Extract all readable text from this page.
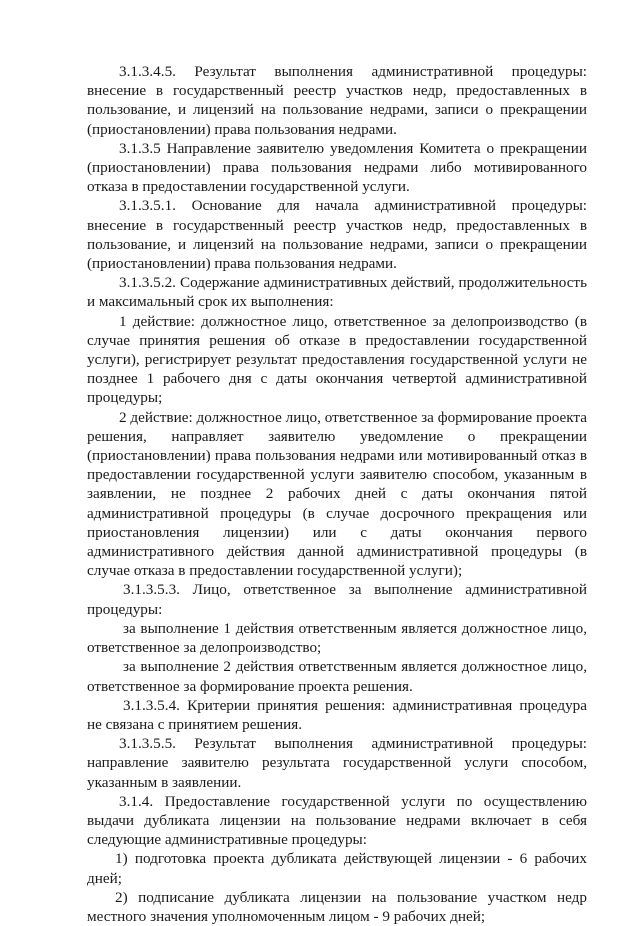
3.1.3.4.5. Результат выполнения административной процедуры: внесение в государственный реестр участков недр, предоставленных в пользование, и лицензий на пользование недрами, записи о прекращении (приостановлении) права пользования недрами.

3.1.3.5 Направление заявителю уведомления Комитета о прекращении (приостановлении) права пользования недрами либо мотивированного отказа в предоставлении государственной услуги.

3.1.3.5.1. Основание для начала административной процедуры: внесение в государственный реестр участков недр, предоставленных в пользование, и лицензий на пользование недрами, записи о прекращении (приостановлении) права пользования недрами.

3.1.3.5.2. Содержание административных действий, продолжительность и максимальный срок их выполнения:

1 действие: должностное лицо, ответственное за делопроизводство (в случае принятия решения об отказе в предоставлении государственной услуги), регистрирует результат предоставления государственной услуги не позднее 1 рабочего дня с даты окончания четвертой административной процедуры;

2 действие: должностное лицо, ответственное за формирование проекта решения, направляет заявителю уведомление о прекращении (приостановлении) права пользования недрами или мотивированный отказ в предоставлении государственной услуги заявителю способом, указанным в заявлении, не позднее 2 рабочих дней с даты окончания пятой административной процедуры (в случае досрочного прекращения или приостановления лицензии) или с даты окончания первого административного действия данной административной процедуры (в случае отказа в предоставлении государственной услуги);

3.1.3.5.3. Лицо, ответственное за выполнение административной процедуры:

за выполнение 1 действия ответственным является должностное лицо, ответственное за делопроизводство;

за выполнение 2 действия ответственным является должностное лицо, ответственное за формирование проекта решения.

3.1.3.5.4. Критерии принятия решения: административная процедура не связана с принятием решения.

3.1.3.5.5. Результат выполнения административной процедуры: направление заявителю результата государственной услуги способом, указанным в заявлении.

3.1.4. Предоставление государственной услуги по осуществлению выдачи дубликата лицензии на пользование недрами включает в себя следующие административные процедуры:

1) подготовка проекта дубликата действующей лицензии - 6 рабочих дней;

2) подписание дубликата лицензии на пользование участком недр местного значения уполномоченным лицом - 9 рабочих дней;
